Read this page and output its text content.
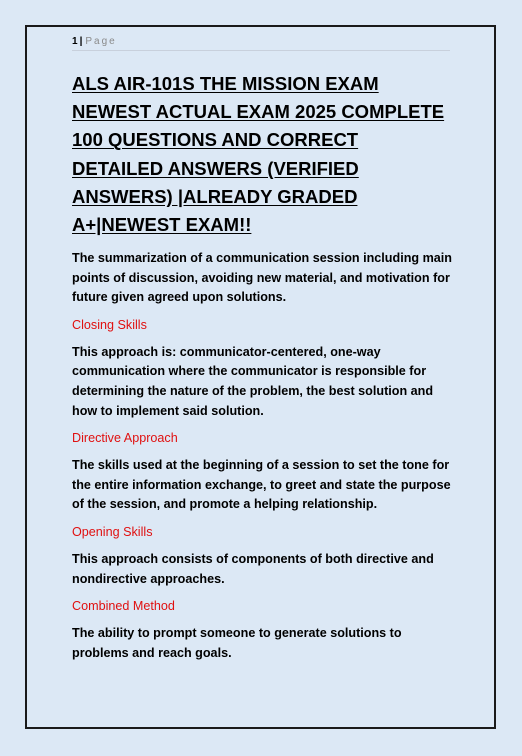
1 | Page
ALS AIR-101S THE MISSION EXAM NEWEST ACTUAL EXAM 2025 COMPLETE 100 QUESTIONS AND CORRECT DETAILED ANSWERS (VERIFIED ANSWERS) |ALREADY GRADED A+|NEWEST EXAM!!

The summarization of a communication session including main points of discussion, avoiding new material, and motivation for future given agreed upon solutions.

Closing Skills

This approach is: communicator-centered, one-way communication where the communicator is responsible for determining the nature of the problem, the best solution and how to implement said solution.

Directive Approach

The skills used at the beginning of a session to set the tone for the entire information exchange, to greet and state the purpose of the session, and promote a helping relationship.

Opening Skills

This approach consists of components of both directive and nondirective approaches.

Combined Method

The ability to prompt someone to generate solutions to problems and reach goals.
